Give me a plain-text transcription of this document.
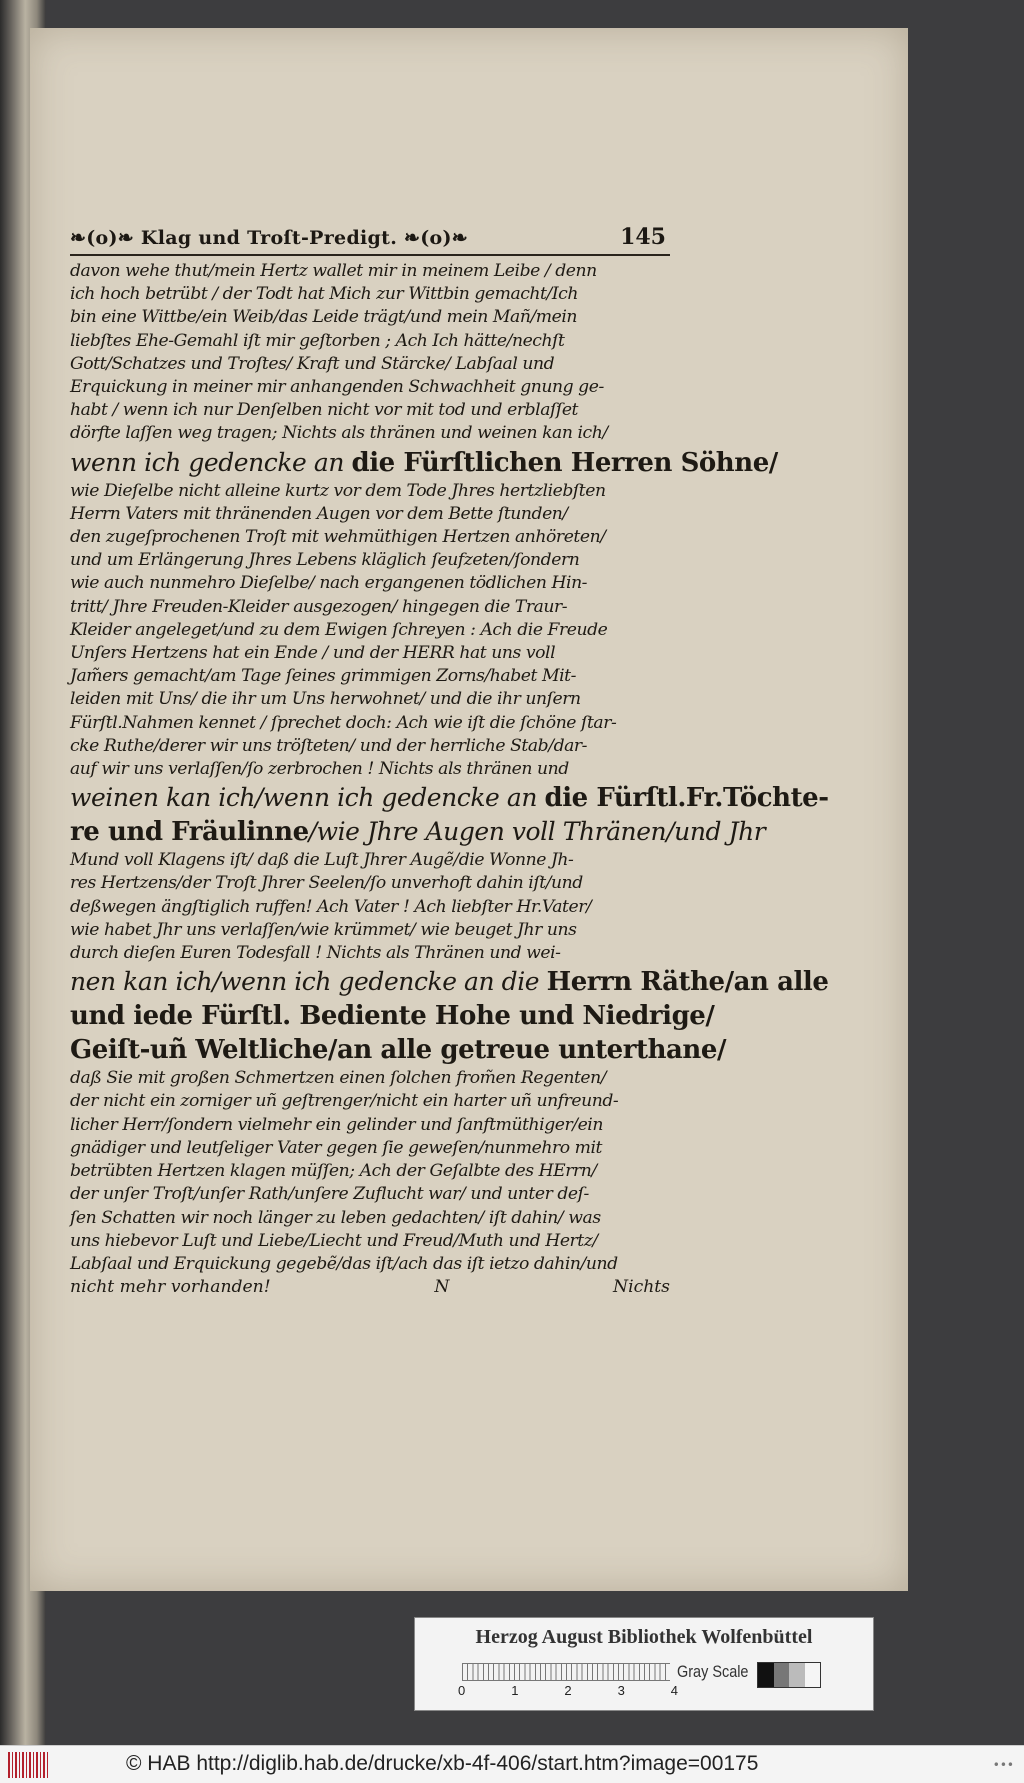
❧(o)❧ Klag und Troſt-Predigt. ❧(o)❧	145
davon wehe thut/mein Hertz wallet mir in meinem Leibe / denn
ich hoch betrübt / der Todt hat Mich zur Wittbin gemacht/Ich
bin eine Wittbe/ein Weib/das Leide trägt/und mein Mañ/mein
liebſtes Ehe-Gemahl iſt mir geſtorben ; Ach Ich hätte/nechſt
Gott/Schatzes und Troſtes/ Kraft und Stärcke/ Labſaal und
Erquickung in meiner mir anhangenden Schwachheit gnung ge-
habt / wenn ich nur Denſelben nicht vor mit tod und erblaſſet
dörfte laſſen weg tragen; Nichts als thränen und weinen kan ich/
wenn ich gedencke an die Fürſtlichen Herren Söhne/
wie Dieſelbe nicht alleine kurtz vor dem Tode Jhres hertzliebſten
Herrn Vaters mit thränenden Augen vor dem Bette ſtunden/
den zugeſprochenen Troſt mit wehmüthigen Hertzen anhöreten/
und um Erlängerung Jhres Lebens kläglich ſeufzeten/ſondern
wie auch nunmehro Dieſelbe/ nach ergangenen tödlichen Hin-
tritt/ Jhre Freuden-Kleider ausgezogen/ hingegen die Traur-
Kleider angeleget/und zu dem Ewigen ſchreyen : Ach die Freude
Unſers Hertzens hat ein Ende / und der HERR hat uns voll
Jam̃ers gemacht/am Tage ſeines grimmigen Zorns/habet Mit-
leiden mit Uns/ die ihr um Uns herwohnet/ und die ihr unſern
Fürſtl.Nahmen kennet / ſprechet doch: Ach wie iſt die ſchöne ſtar-
cke Ruthe/derer wir uns tröſteten/ und der herrliche Stab/dar-
auf wir uns verlaſſen/ſo zerbrochen ! Nichts als thränen und
weinen kan ich/wenn ich gedencke an die Fürſtl.Fr.Töchte-
re und Fräulinne/wie Jhre Augen voll Thränen/und Jhr
Mund voll Klagens iſt/ daß die Luſt Jhrer Augẽ/die Wonne Jh-
res Hertzens/der Troſt Jhrer Seelen/ſo unverhoft dahin iſt/und
deßwegen ängſtiglich ruffen! Ach Vater ! Ach liebſter Hr.Vater/
wie habet Jhr uns verlaſſen/wie krümmet/ wie beuget Jhr uns
durch dieſen Euren Todesfall ! Nichts als Thränen und wei-
nen kan ich/wenn ich gedencke an die Herrn Räthe/an alle
und iede Fürſtl. Bediente Hohe und Niedrige/
Geiſt-uñ Weltliche/an alle getreue unterthane/
daß Sie mit großen Schmertzen einen ſolchen from̃en Regenten/
der nicht ein zorniger uñ geſtrenger/nicht ein harter uñ unfreund-
licher Herr/ſondern vielmehr ein gelinder und ſanftmüthiger/ein
gnädiger und leutſeliger Vater gegen ſie geweſen/nunmehro mit
betrübten Hertzen klagen müſſen; Ach der Geſalbte des HErrn/
der unſer Troſt/unſer Rath/unſere Zuflucht war/ und unter deſ-
ſen Schatten wir noch länger zu leben gedachten/ iſt dahin/ was
uns hiebevor Luſt und Liebe/Liecht und Freud/Muth und Hertz/
Labſaal und Erquickung gegebẽ/das iſt/ach das iſt ietzo dahin/und
nicht mehr vorhanden!	N	Nichts
Herzog August Bibliothek Wolfenbüttel
0	1	2	3	4
Gray Scale
© HAB http://diglib.hab.de/drucke/xb-4f-406/start.htm?image=00175	•••
